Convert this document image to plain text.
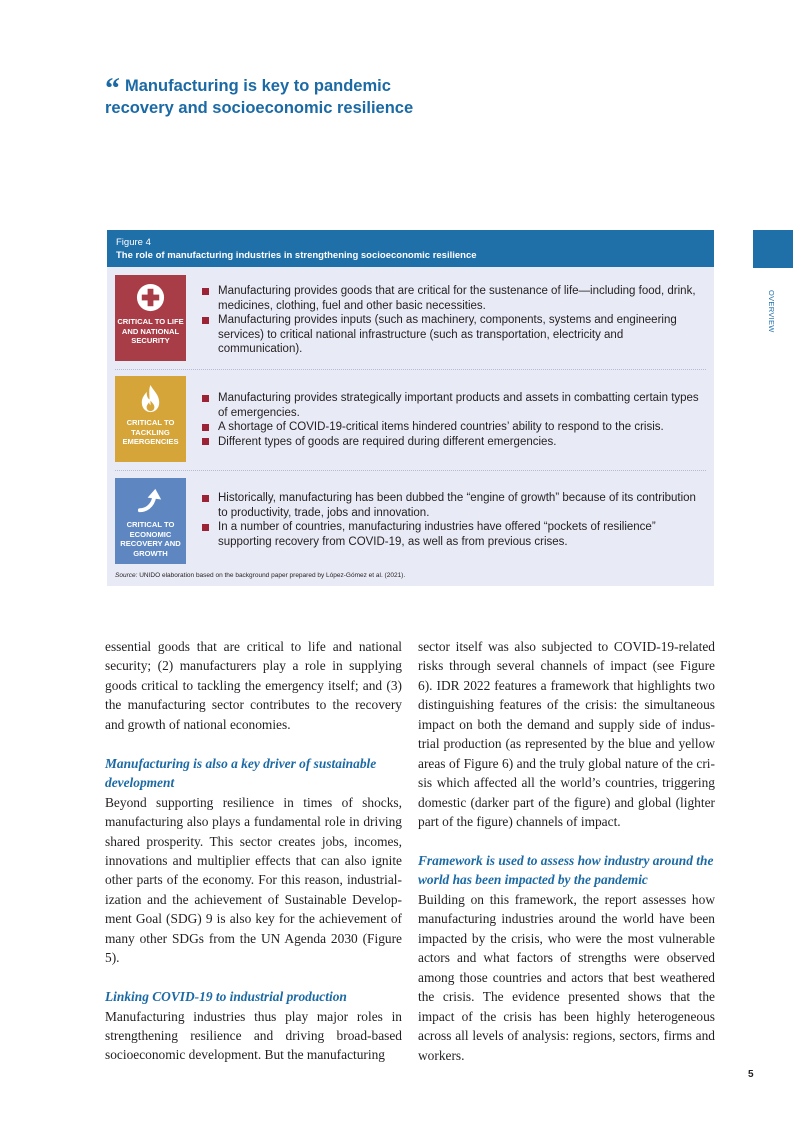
OVERVIEW
“ Manufacturing is key to pandemic recovery and socioeconomic resilience
Figure 4
The role of manufacturing industries in strengthening socioeconomic resilience
CRITICAL TO LIFE AND NATIONAL SECURITY
Manufacturing provides goods that are critical for the sustenance of life—including food, drink, medicines, clothing, fuel and other basic necessities.
Manufacturing provides inputs (such as machinery, components, systems and engineering services) to critical national infrastructure (such as transportation, electricity and communication).
CRITICAL TO TACKLING EMERGENCIES
Manufacturing provides strategically important products and assets in combatting certain types of emergencies.
A shortage of COVID-19-critical items hindered countries’ ability to respond to the crisis.
Different types of goods are required during different emergencies.
CRITICAL TO ECONOMIC RECOVERY AND GROWTH
Historically, manufacturing has been dubbed the “engine of growth” because of its contribution to productivity, trade, jobs and innovation.
In a number of countries, manufacturing industries have offered “pockets of resilience” supporting recovery from COVID-19, as well as from previous crises.
Source: UNIDO elaboration based on the background paper prepared by López-Gómez et al. (2021).

essential goods that are critical to life and national security; (2) manufacturers play a role in supplying goods critical to tackling the emergency itself; and (3) the manufacturing sector contributes to the recovery and growth of national economies.

Manufacturing is also a key driver of sustainable development

Beyond supporting resilience in times of shocks, manufacturing also plays a fundamental role in driving shared prosperity. This sector creates jobs, incomes, innovations and multiplier effects that can also ignite other parts of the economy. For this reason, industrialization and the achievement of Sustainable Development Goal (SDG) 9 is also key for the achievement of many other SDGs from the UN Agenda 2030 (Figure 5).

Linking COVID-19 to industrial production

Manufacturing industries thus play major roles in strengthening resilience and driving broad-based socioeconomic development. But the manufacturing

sector itself was also subjected to COVID-19-related risks through several channels of impact (see Figure 6). IDR 2022 features a framework that highlights two distinguishing features of the crisis: the simultaneous impact on both the demand and supply side of industrial production (as represented by the blue and yellow areas of Figure 6) and the truly global nature of the crisis which affected all the world’s countries, triggering domestic (darker part of the figure) and global (lighter part of the figure) channels of impact.

Framework is used to assess how industry around the world has been impacted by the pandemic

Building on this framework, the report assesses how manufacturing industries around the world have been impacted by the crisis, who were the most vulnerable actors and what factors of strengths were observed among those countries and actors that best weathered the crisis. The evidence presented shows that the impact of the crisis has been highly heterogeneous across all levels of analysis: regions, sectors, firms and workers.

5
